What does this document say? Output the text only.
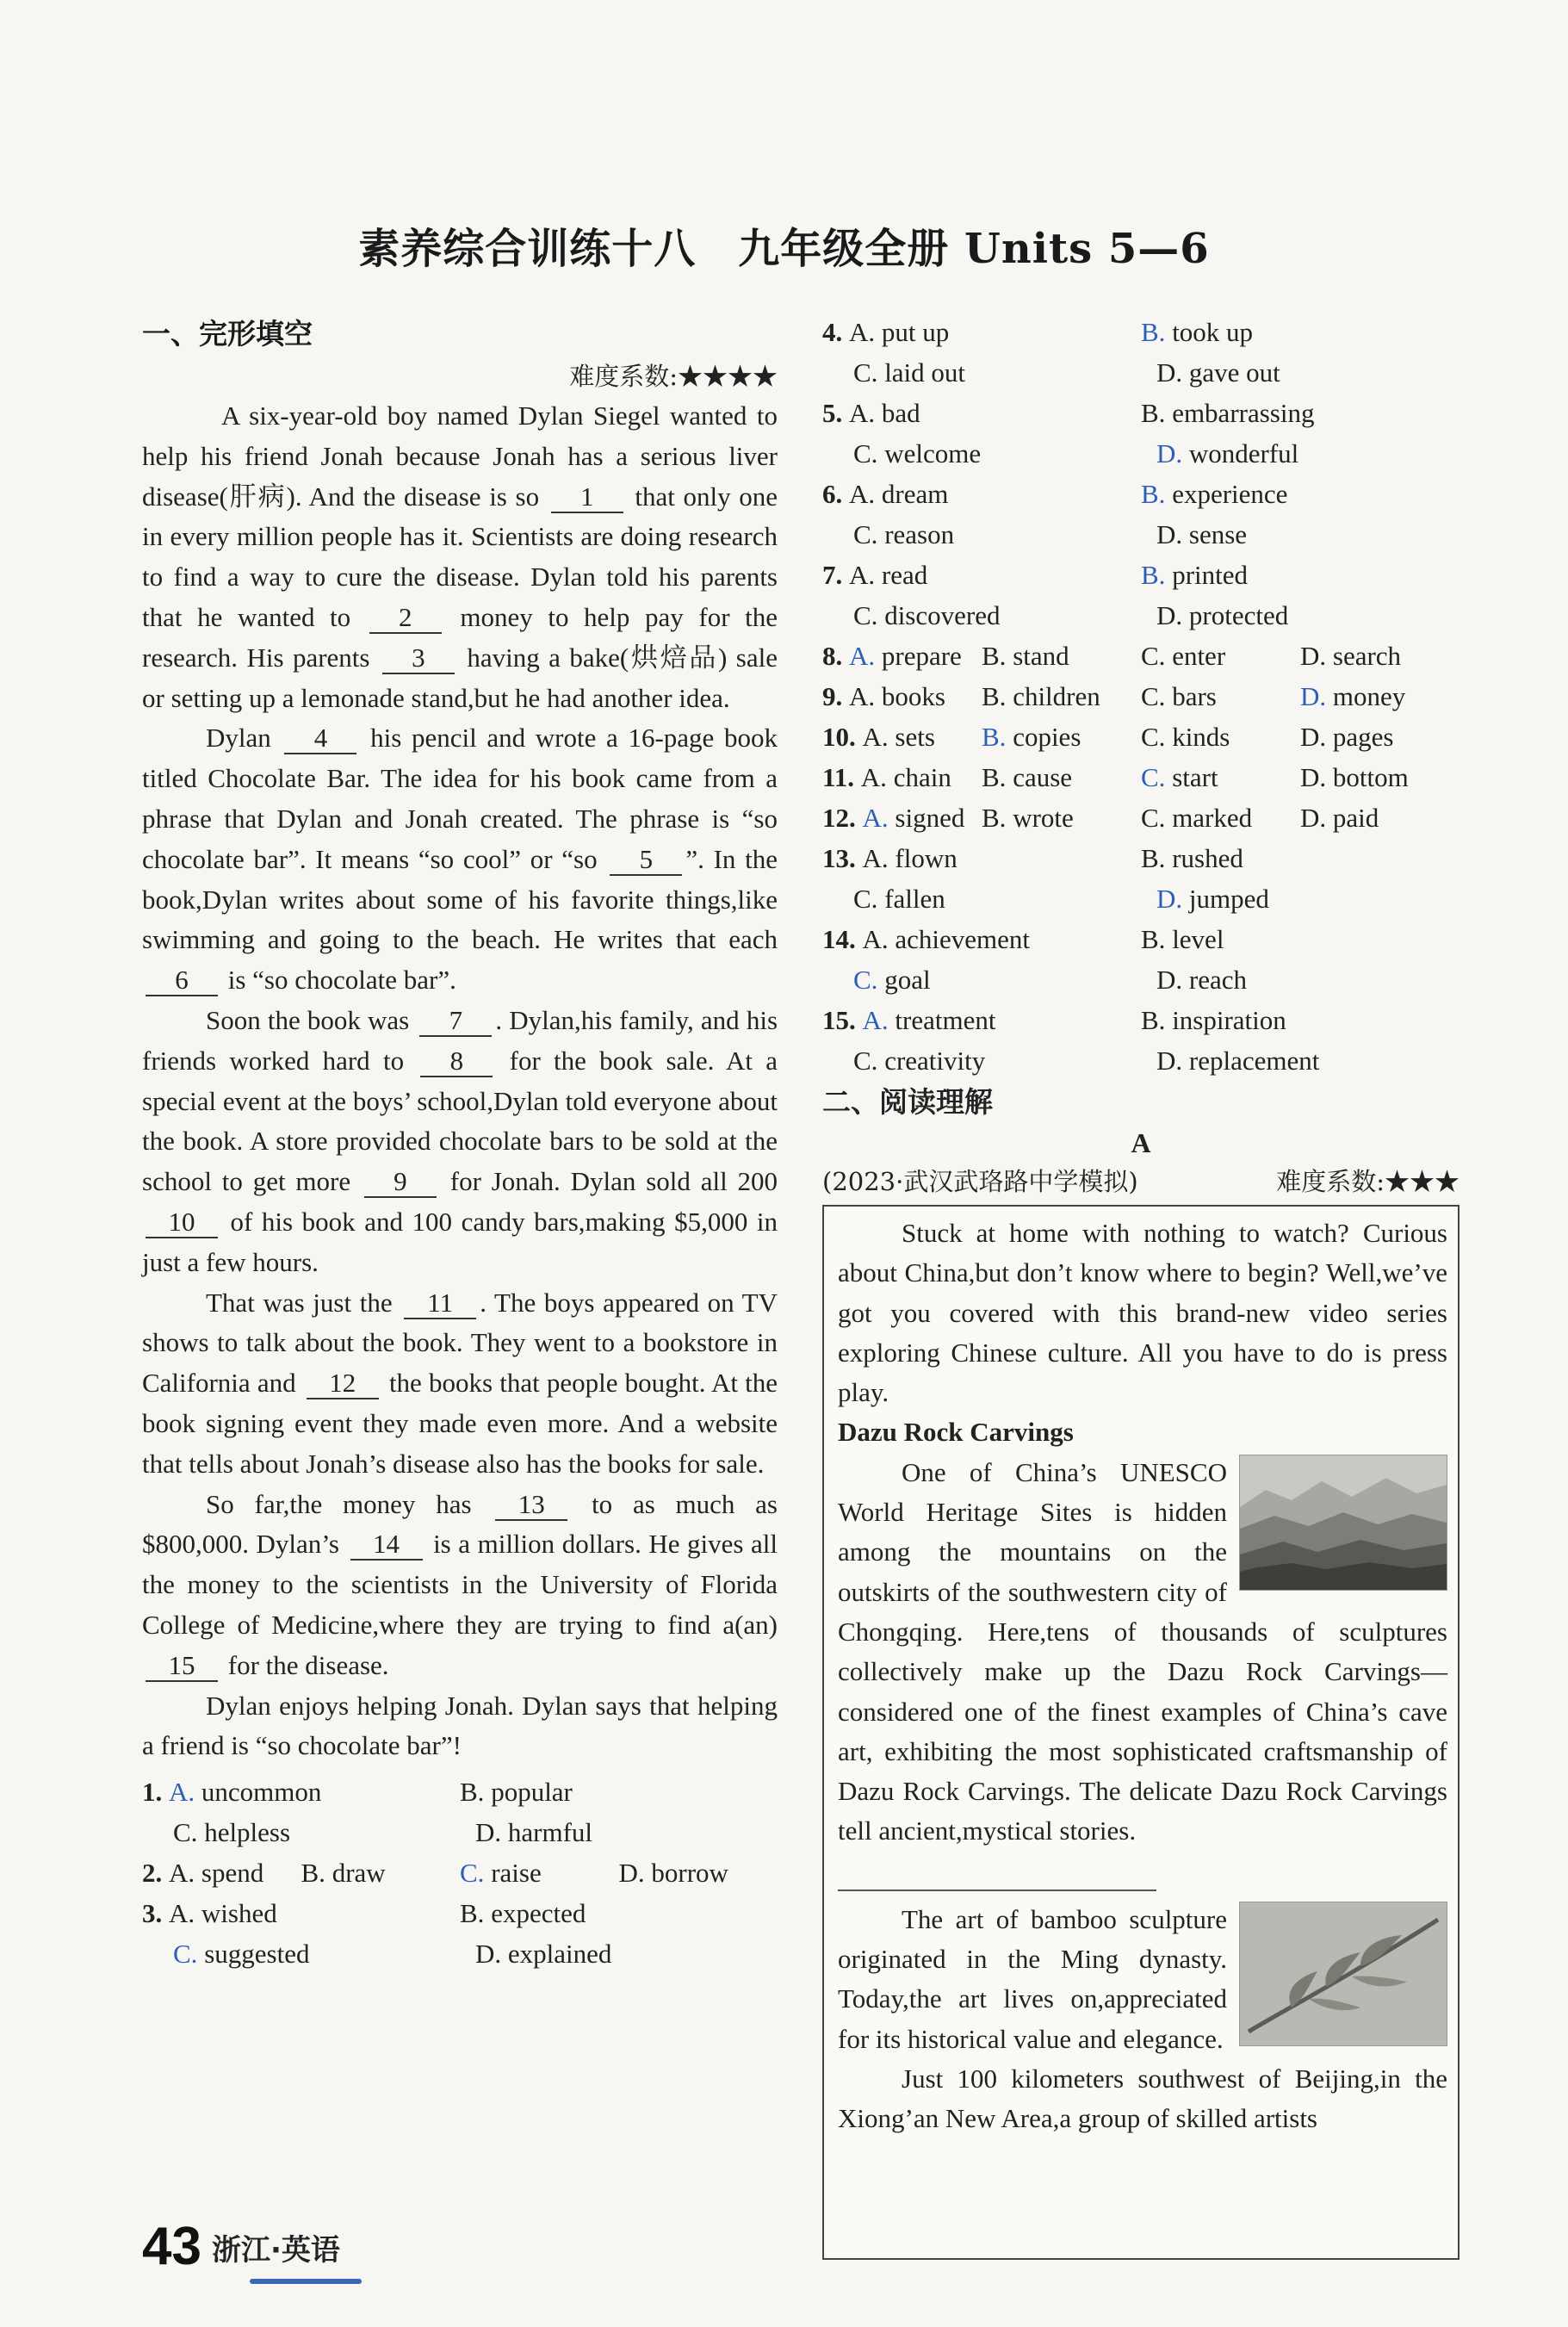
素养综合训练十八　九年级全册 Units 5—6
一、完形填空
难度系数:★★★★

A six-year-old boy named Dylan Siegel wanted to help his friend Jonah because Jonah has a serious liver disease(肝病). And the disease is so 1 that only one in every million people has it. Scientists are doing research to find a way to cure the disease. Dylan told his parents that he wanted to 2 money to help pay for the research. His parents 3 having a bake(烘焙品) sale or setting up a lemonade stand,but he had another idea.

Dylan 4 his pencil and wrote a 16-page book titled Chocolate Bar. The idea for his book came from a phrase that Dylan and Jonah created. The phrase is “so chocolate bar”. It means “so cool” or “so 5 ”. In the book,Dylan writes about some of his favorite things,like swimming and going to the beach. He writes that each 6 is “so chocolate bar”.

Soon the book was 7 . Dylan,his family, and his friends worked hard to 8 for the book sale. At a special event at the boys’ school,Dylan told everyone about the book. A store provided chocolate bars to be sold at the school to get more 9 for Jonah. Dylan sold all 200 10 of his book and 100 candy bars,making $5,000 in just a few hours.

That was just the 11 . The boys appeared on TV shows to talk about the book. They went to a bookstore in California and 12 the books that people bought. At the book signing event they made even more. And a website that tells about Jonah’s disease also has the books for sale.

So far,the money has 13 to as much as $800,000. Dylan’s 14 is a million dollars. He gives all the money to the scientists in the University of Florida College of Medicine,where they are trying to find a(an) 15 for the disease.

Dylan enjoys helping Jonah. Dylan says that helping a friend is “so chocolate bar”!

1. A. uncommon	B. popular
C. helpless	D. harmful
2. A. spend	B. draw	C. raise	D. borrow
3. A. wished	B. expected
C. suggested	D. explained
4. A. put up	B. took up
C. laid out	D. gave out
5. A. bad	B. embarrassing
C. welcome	D. wonderful
6. A. dream	B. experience
C. reason	D. sense
7. A. read	B. printed
C. discovered	D. protected
8. A. prepare B. stand	C. enter	D. search
9. A. books	B. children	C. bars	D. money
10. A. sets	B. copies	C. kinds	D. pages
11. A. chain	B. cause	C. start	D. bottom
12. A. signed B. wrote	C. marked	D. paid
13. A. flown	B. rushed
C. fallen	D. jumped
14. A. achievement	B. level
C. goal	D. reach
15. A. treatment	B. inspiration
C. creativity	D. replacement
二、阅读理解
A
(2023·武汉武珞路中学模拟)	难度系数:★★★

Stuck at home with nothing to watch? Curious about China,but don’t know where to begin? Well,we’ve got you covered with this brand-new video series exploring Chinese culture. All you have to do is press play.

Dazu Rock Carvings

One of China’s UNESCO World Heritage Sites is hidden among the mountains on the outskirts of the southwestern city of Chongqing. Here,tens of thousands of sculptures collectively make up the Dazu Rock Carvings—considered one of the finest examples of China’s cave art, exhibiting the most sophisticated craftsmanship of Dazu Rock Carvings. The delicate Dazu Rock Carvings tell ancient,mystical stories.

The art of bamboo sculpture originated in the Ming dynasty. Today,the art lives on,appreciated for its historical value and elegance.

Just 100 kilometers southwest of Beijing,in the Xiong’an New Area,a group of skilled artists

43 浙江·英语
